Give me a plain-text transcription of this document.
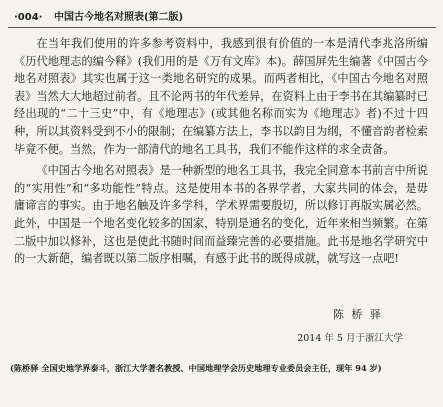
·004· 中国古今地名对照表(第二版)

在当年我们使用的许多参考资料中，我感到很有价值的一本是清代李兆洛所编《历代地理志的编今释》(我们用的是《万有文库》本)。薛国屏先生编著《中国古今地名对照表》其实也属于这一类地名研究的成果。而两者相比，《中国古今地名对照表》当然大大地超过前者。且不论两书的年代差异，在资料上由于李书在其编纂时已经出现的“二十三史”中，有《地理志》(或其他名称而实为《地理志》者)不过十四种，所以其资料受到不小的限制；在编纂方法上，李书以韵目为纲，不懂音韵者检索毕竟不便。当然，作为一部清代的地名工具书，我们不能作这样的求全责备。

《中国古今地名对照表》是一种新型的地名工具书，我完全同意本书前言中所说的“实用性”和“多功能性”特点。这是使用本书的各界学者，大家共同的体会，是毋庸谛言的事实。由于地名触及许多学科，学术界需要殷切，所以修订再版实属必然。此外，中国是一个地名变化较多的国家，特别是通名的变化，近年来相当频繁。在第二版中加以修补，这也是使此书随时间而益臻完善的必要措施。此书是地名学研究中的一大新葩，编者既以第二版序相嘱，有感于此书的既得成就，就写这一点吧!

陈 桥 驿
2014 年 5 月于浙江大学
(陈桥驿 全国史地学界泰斗，浙江大学著名教授、中国地理学会历史地理专业委员会主任，现年 94 岁)
